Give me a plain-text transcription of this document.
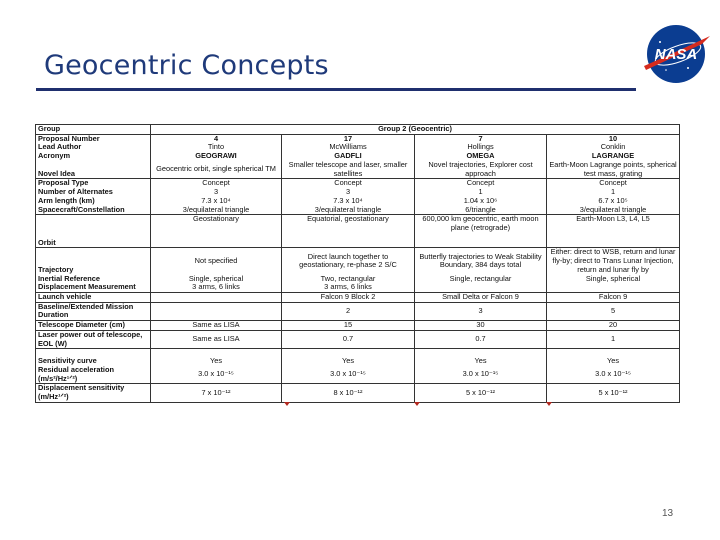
Geocentric Concepts	NASA
Group	Group 2 (Geocentric)			
Proposal Number	4	17	7	10
Lead Author	Tinto	McWilliams	Hollings	Conklin
Acronym	GEOGRAWI	GADFLI	OMEGA	LAGRANGE
Novel Idea	Geocentric orbit, single spherical TM	Smaller telescope and laser, smaller satellites	Novel trajectories, Explorer cost approach	Earth-Moon Lagrange points, spherical test mass, grating
Proposal Type	Concept	Concept	Concept	Concept
Number of Alternates	3	3	1	1
Arm length (km)	7.3 x 10⁴	7.3 x 10⁴	1.04 x 10⁶	6.7 x 10⁵
Spacecraft/Constellation	3/equilateral triangle	3/equilateral triangle	6/triangle	3/equilateral triangle
Orbit	Geostationary	Equatorial, geostationary	600,000 km geocentric, earth moon plane (retrograde)	Earth-Moon L3, L4, L5
Trajectory	Not specified	Direct launch together to geostationary, re-phase 2 S/C	Butterfly trajectories to Weak Stability Boundary, 384 days total	Either: direct to WSB, return and lunar fly-by; direct to Trans Lunar Injection, return and lunar fly by
Inertial Reference	Single, spherical	Two, rectangular	Single, rectangular	Single, spherical
Displacement Measurement	3 arms, 6 links	3 arms, 6 links		
Launch vehicle		Falcon 9 Block 2	Small Delta or Falcon 9	Falcon 9
Baseline/Extended Mission		2	3	5
Duration				
Telescope Diameter (cm)	Same as LISA	15	30	20
Laser power out of telescope,
EOL (W)	Same as LISA	0.7	0.7	1
Sensitivity curve	Yes	Yes	Yes	Yes
Residual acceleration
(m/s²/Hz¹ᐟ²)	3.0 x 10⁻¹⁵	3.0 x 10⁻¹⁵	3.0 x 10⁻¹⁵	3.0 x 10⁻¹⁵
Displacement sensitivity
(m/Hz¹ᐟ²)	7 x 10⁻¹²	8 x 10⁻¹²	5 x 10⁻¹²	5 x 10⁻¹²
13
